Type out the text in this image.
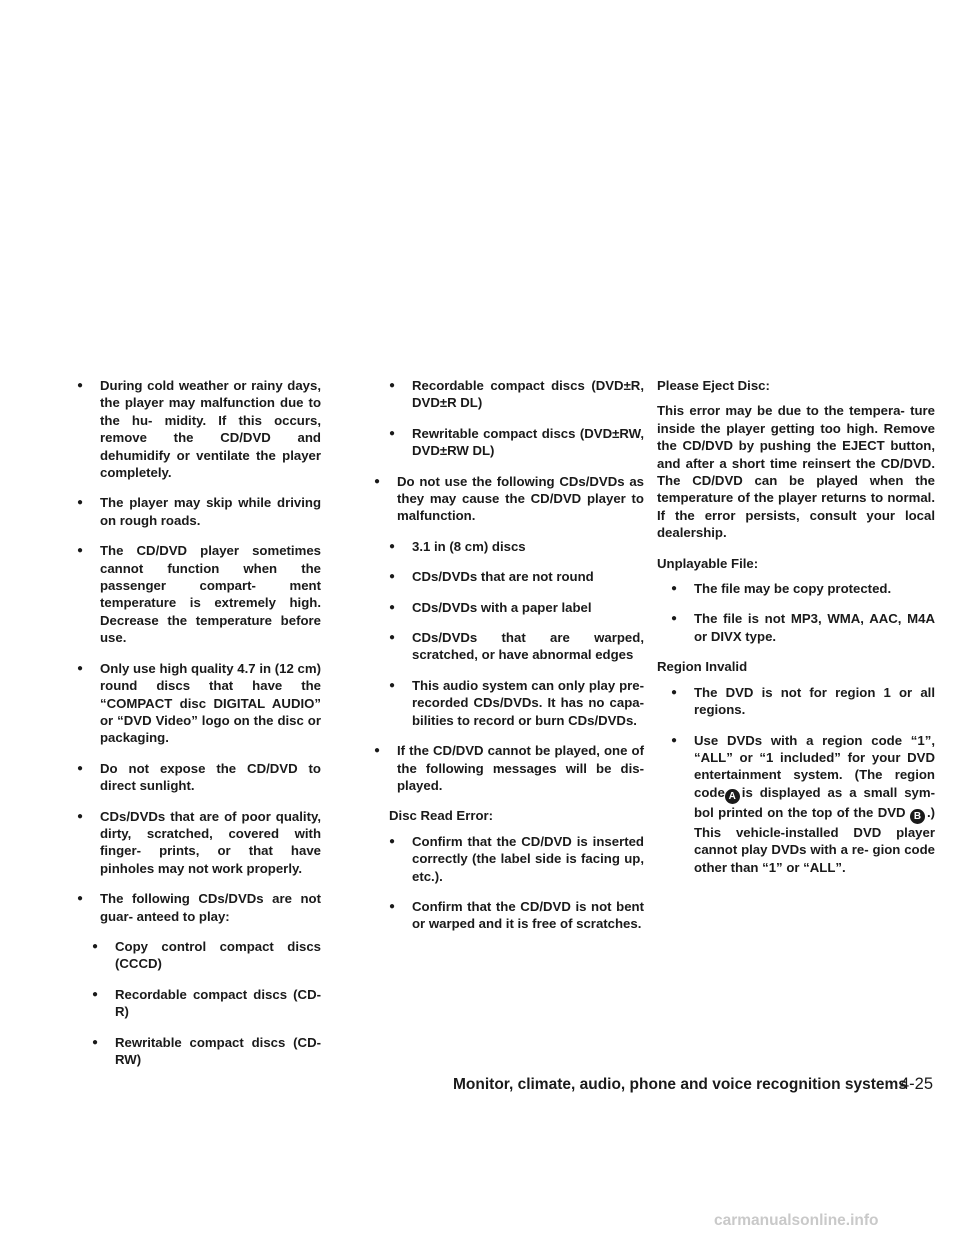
● During cold weather or rainy days, the player may malfunction due to the hu- midity. If this occurs, remove the CD/DVD and dehumidify or ventilate the player completely.
● The player may skip while driving on rough roads.
● The CD/DVD player sometimes cannot function when the passenger compart- ment temperature is extremely high. Decrease the temperature before use.
● Only use high quality 4.7 in (12 cm) round discs that have the “COMPACT disc DIGITAL AUDIO” or “DVD Video” logo on the disc or packaging.
● Do not expose the CD/DVD to direct sunlight.
● CDs/DVDs that are of poor quality, dirty, scratched, covered with finger- prints, or that have pinholes may not work properly.
● The following CDs/DVDs are not guar- anteed to play:
● Copy control compact discs (CCCD)
● Recordable compact discs (CD-R)
● Rewritable compact discs (CD-RW)
● Recordable compact discs (DVD±R, DVD±R DL)
● Rewritable compact discs (DVD±RW, DVD±RW DL)
● Do not use the following CDs/DVDs as they may cause the CD/DVD player to malfunction.
● 3.1 in (8 cm) discs
● CDs/DVDs that are not round
● CDs/DVDs with a paper label
● CDs/DVDs that are warped, scratched, or have abnormal edges
● This audio system can only play pre- recorded CDs/DVDs. It has no capa- bilities to record or burn CDs/DVDs.
● If the CD/DVD cannot be played, one of the following messages will be dis- played.
Disc Read Error:
● Confirm that the CD/DVD is inserted correctly (the label side is facing up, etc.).
● Confirm that the CD/DVD is not bent or warped and it is free of scratches.
Please Eject Disc:
This error may be due to the tempera- ture inside the player getting too high. Remove the CD/DVD by pushing the EJECT button, and after a short time reinsert the CD/DVD. The CD/DVD can be played when the temperature of the player returns to normal. If the error persists, consult your local dealership.
Unplayable File:
● The file may be copy protected.
● The file is not MP3, WMA, AAC, M4A or DIVX type.
Region Invalid
● The DVD is not for region 1 or all regions.
● Use DVDs with a region code “1”, “ALL” or “1 included” for your DVD entertainment system. (The region code A is displayed as a small sym- bol printed on the top of the DVD B .) This vehicle-installed DVD player cannot play DVDs with a re- gion code other than “1” or “ALL”.
Monitor, climate, audio, phone and voice recognition systems
4-25
carmanualsonline.info
